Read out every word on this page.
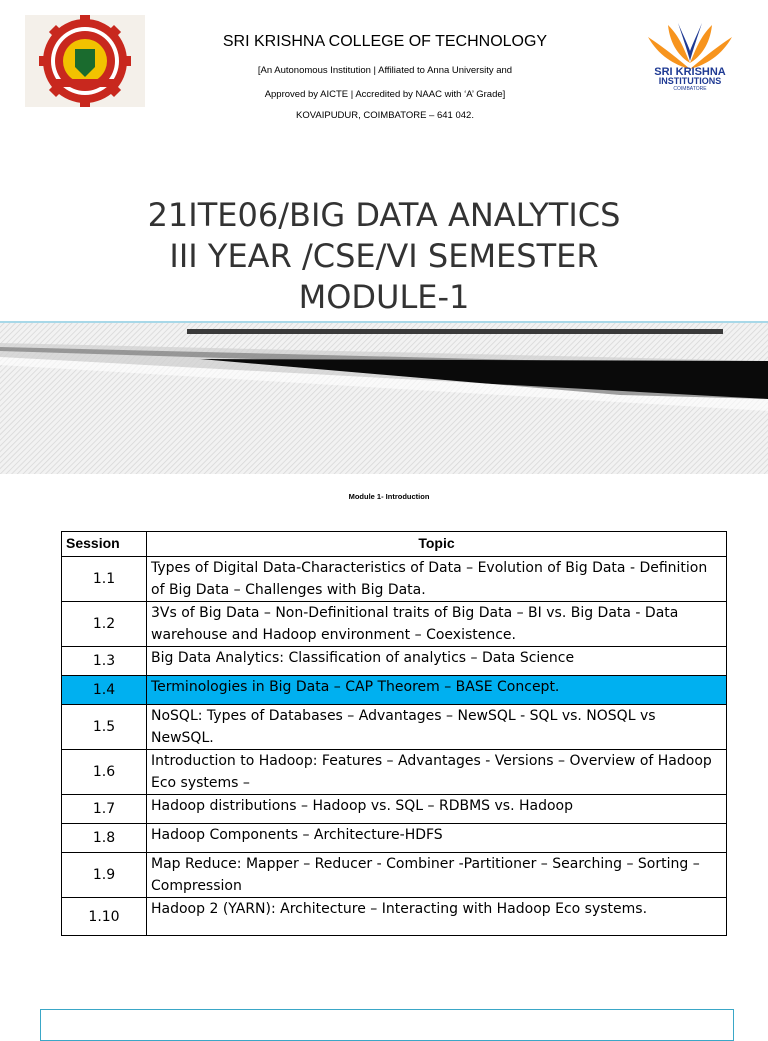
SRI KRISHNA
INSTITUTIONS
COIMBATORE
SRI KRISHNA COLLEGE OF TECHNOLOGY
[An Autonomous Institution | Affiliated to Anna University and
Approved by AICTE | Accredited by NAAC with ‘A’ Grade]
KOVAIPUDUR, COIMBATORE – 641 042.
21ITE06/BIG DATA ANALYTICS
III YEAR /CSE/VI SEMESTER
MODULE-1
Module 1- Introduction
Session	Topic
1.1	Types of Digital Data-Characteristics of Data – Evolution of Big Data - Definition of Big Data – Challenges with Big Data.
1.2	3Vs of Big Data – Non-Definitional traits of Big Data – BI vs. Big Data - Data warehouse and Hadoop environment – Coexistence.
1.3	Big Data Analytics: Classification of analytics – Data Science
1.4	Terminologies in Big Data – CAP Theorem – BASE Concept.
1.5	NoSQL: Types of Databases – Advantages – NewSQL - SQL vs. NOSQL vs NewSQL.
1.6	Introduction to Hadoop: Features – Advantages - Versions – Overview of Hadoop Eco systems –
1.7	Hadoop distributions – Hadoop vs. SQL – RDBMS vs. Hadoop
1.8	Hadoop Components – Architecture-HDFS
1.9	Map Reduce: Mapper – Reducer - Combiner -Partitioner – Searching – Sorting – Compression
1.10	Hadoop 2 (YARN): Architecture – Interacting with Hadoop Eco systems.
